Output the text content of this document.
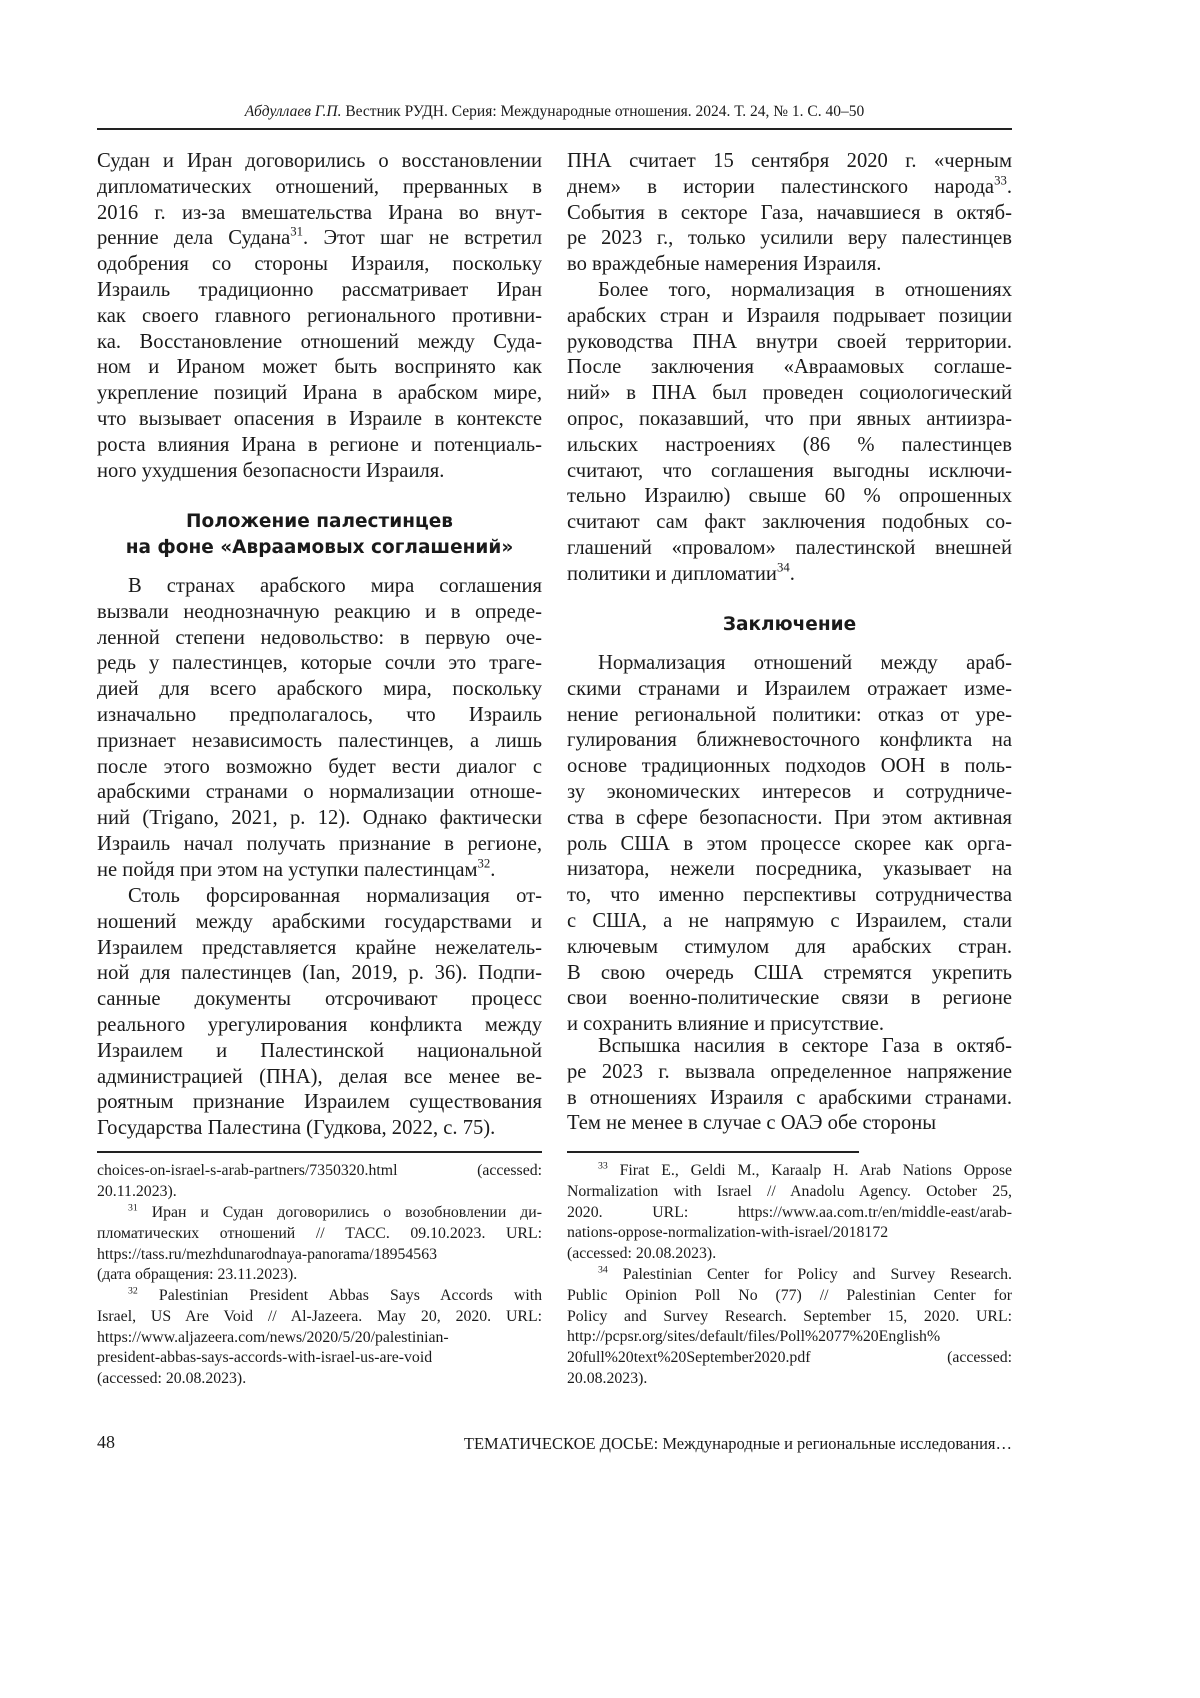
Абдуллаев Г.П. Вестник РУДН. Серия: Международные отношения. 2024. Т. 24, № 1. С. 40–50
Судан и Иран договорились о восстановлении
дипломатических отношений, прерванных в
2016 г. из-за вмешательства Ирана во внут-
ренние дела Судана31. Этот шаг не встретил
одобрения со стороны Израиля, поскольку
Израиль традиционно рассматривает Иран
как своего главного регионального противни-
ка. Восстановление отношений между Суда-
ном и Ираном может быть воспринято как
укрепление позиций Ирана в арабском мире,
что вызывает опасения в Израиле в контексте
роста влияния Ирана в регионе и потенциаль-
ного ухудшения безопасности Израиля.
Положение палестинцев
на фоне «Авраамовых соглашений»
В странах арабского мира соглашения
вызвали неоднозначную реакцию и в опреде-
ленной степени недовольство: в первую оче-
редь у палестинцев, которые сочли это траге-
дией для всего арабского мира, поскольку
изначально предполагалось, что Израиль
признает независимость палестинцев, а лишь
после этого возможно будет вести диалог с
арабскими странами о нормализации отноше-
ний (Trigano, 2021, p. 12). Однако фактически
Израиль начал получать признание в регионе,
не пойдя при этом на уступки палестинцам32.
Столь форсированная нормализация от-
ношений между арабскими государствами и
Израилем представляется крайне нежелатель-
ной для палестинцев (Ian, 2019, p. 36). Подпи-
санные документы отсрочивают процесс
реального урегулирования конфликта между
Израилем и Палестинской национальной
администрацией (ПНА), делая все менее ве-
роятным признание Израилем существования
Государства Палестина (Гудкова, 2022, с. 75).
ПНА считает 15 сентября 2020 г. «черным
днем» в истории палестинского народа33.
События в секторе Газа, начавшиеся в октяб-
ре 2023 г., только усилили веру палестинцев
во враждебные намерения Израиля.
Более того, нормализация в отношениях
арабских стран и Израиля подрывает позиции
руководства ПНА внутри своей территории.
После заключения «Авраамовых соглаше-
ний» в ПНА был проведен социологический
опрос, показавший, что при явных антиизра-
ильских настроениях (86 % палестинцев
считают, что соглашения выгодны исключи-
тельно Израилю) свыше 60 % опрошенных
считают сам факт заключения подобных со-
глашений «провалом» палестинской внешней
политики и дипломатии34.
Заключение
Нормализация отношений между араб-
скими странами и Израилем отражает изме-
нение региональной политики: отказ от уре-
гулирования ближневосточного конфликта на
основе традиционных подходов ООН в поль-
зу экономических интересов и сотрудниче-
ства в сфере безопасности. При этом активная
роль США в этом процессе скорее как орга-
низатора, нежели посредника, указывает на
то, что именно перспективы сотрудничества
с США, а не напрямую с Израилем, стали
ключевым стимулом для арабских стран.
В свою очередь США стремятся укрепить
свои военно-политические связи в регионе
и сохранить влияние и присутствие.
Вспышка насилия в секторе Газа в октяб-
ре 2023 г. вызвала определенное напряжение
в отношениях Израиля с арабскими странами.
Тем не менее в случае с ОАЭ обе стороны
choices-on-israel-s-arab-partners/7350320.html (accessed:
20.11.2023).
31 Иран и Судан договорились о возобновлении ди-
пломатических отношений // ТАСС. 09.10.2023. URL:
https://tass.ru/mezhdunarodnaya-panorama/18954563
(дата обращения: 23.11.2023).
32 Palestinian President Abbas Says Accords with
Israel, US Are Void // Al-Jazeera. May 20, 2020. URL:
https://www.aljazeera.com/news/2020/5/20/palestinian-
president-abbas-says-accords-with-israel-us-are-void
(accessed: 20.08.2023).
33 Firat E., Geldi M., Karaalp H. Arab Nations Oppose
Normalization with Israel // Anadolu Agency. October 25,
2020. URL: https://www.aa.com.tr/en/middle-east/arab-
nations-oppose-normalization-with-israel/2018172
(accessed: 20.08.2023).
34 Palestinian Center for Policy and Survey Research.
Public Opinion Poll No (77) // Palestinian Center for
Policy and Survey Research. September 15, 2020. URL:
http://pcpsr.org/sites/default/files/Poll%2077%20English%
20full%20text%20September2020.pdf (accessed:
20.08.2023).
48	ТЕМАТИЧЕСКОЕ ДОСЬЕ: Международные и региональные исследования…
